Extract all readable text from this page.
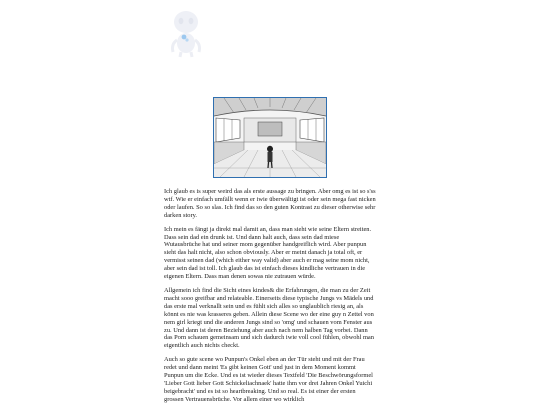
Ich glaub es is super weird das als erste aussage zu bringen. Aber omg es ist so s'ss wtf. Wie er einfach umfällt wenn er iwie überwältigt ist oder sein mega fast nicken oder laufen. So so slas. Ich find das so den guten Kontrast zu dieser otherwise sehr darken story.

Ich mein es fängt ja direkt mal damit an, dass man sieht wie seine Eltern streiten. Dass sein dad ein drunk ist. Und dann halt auch, dass sein dad miese Wutausbrüche hat und seiner mom gegenüber handgreiflich wird. Aber punpun sieht das halt nicht, also schon obviously. Aber er meint danach ja total oft, er vermisst seinen dad (which either way valid) aber auch er mag seine mom nicht, aber sein dad ist toll. Ich glaub das ist einfach dieses kindliche vertrauen in die eigenen Eltern. Dass man denen sowas nie zutrauen würde.

Allgemein ich find die Sicht eines kindes& die Erfahrungen, die man zu der Zeit macht sooo greifbar and relateable. Einerseits diese typische Jungs vs Mädels und das erste mal verknallt sein und es fühlt sich alles so unglaublich riesig an, als könnt es nie was krasseres geben. Allein diese Scene wo der eine guy n Zettel von nem girl kriegt und die anderen Jungs sind so 'omg' und schauen vom Fenster aus zu. Und dann ist deren Beziehung aber auch nach nem halben Tag vorbei. Dann das Porn schauen gemeinsam und sich dadurch iwie voll cool fühlen, obwohl man eigentlich auch nichts checkt.

Auch so gute scene wo Punpun's Onkel eben an der Tür steht und mit der Frau redet und dann meint 'Es gibt keinen Gott' und just in dem Moment kommt Punpun um die Ecke. Und es ist wieder dieses Textfeld 'Die Beschwörungsformel 'Lieber Gott lieber Gott Schickeliachnaek' hatte ihm vor drei Jahren Onkel Yuichi beigebracht' und es ist so heartbreaking. Und so real. Es ist einer der ersten grossen Vertrauensbrüche. Vor allem einer wo wirklich
